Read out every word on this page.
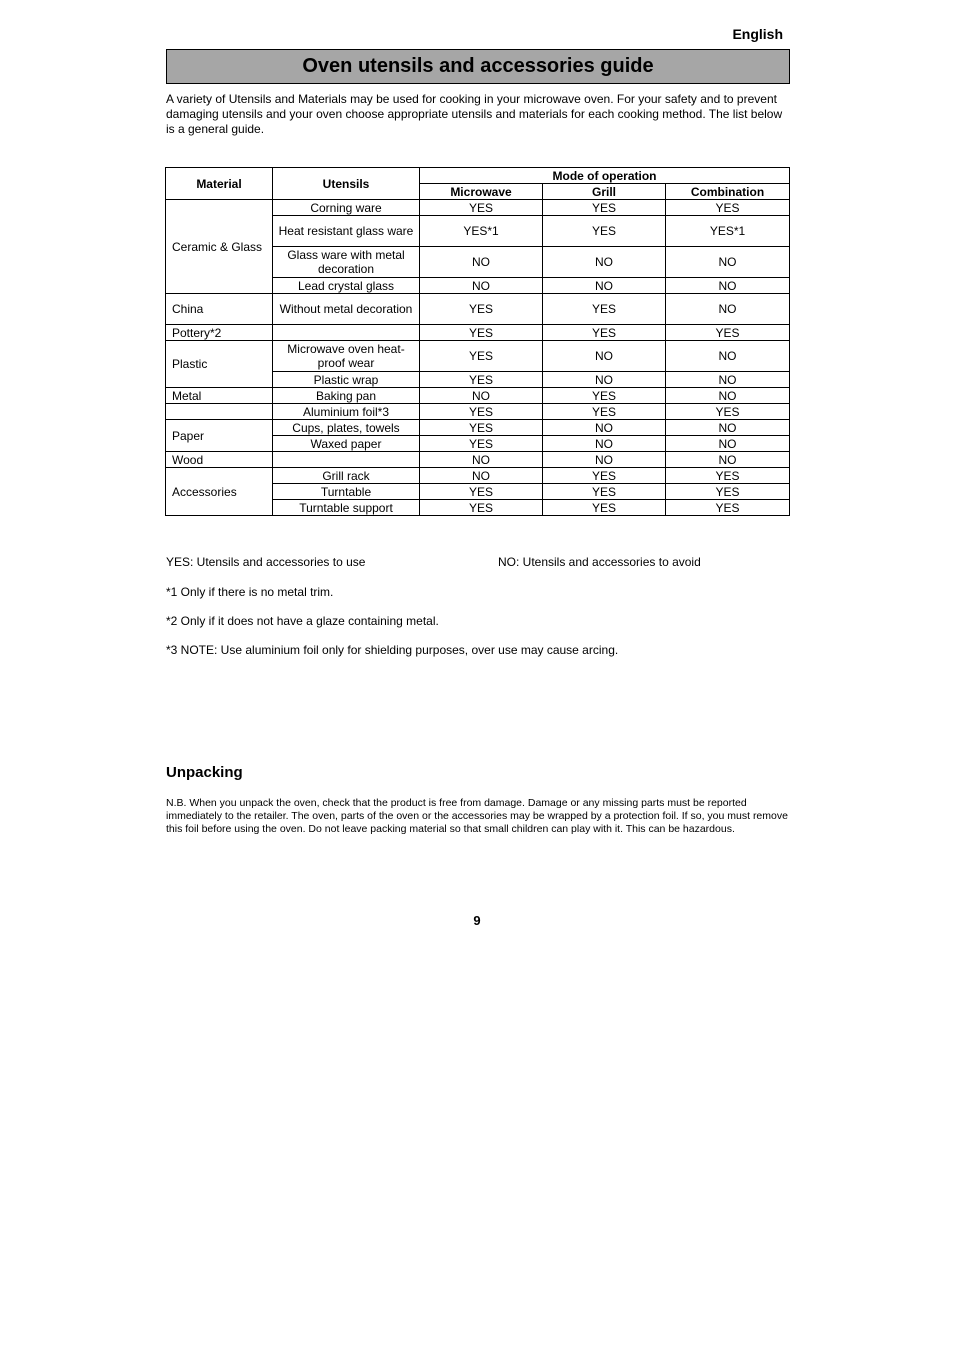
English
Oven utensils and accessories guide

A variety of Utensils and Materials may be used for cooking in your microwave oven. For your safety and to prevent damaging utensils and your oven choose appropriate utensils and materials for each cooking method. The list below is a general guide.

Material	Utensils	Mode of operation		
		Microwave	Grill	Combination
Ceramic & Glass	Corning ware	YES	YES	YES
	Heat resistant glass ware	YES*1	YES	YES*1
	Glass ware with metal decoration	NO	NO	NO
	Lead crystal glass	NO	NO	NO
China	Without metal decoration	YES	YES	NO
Pottery*2		YES	YES	YES
Plastic	Microwave oven heat-proof wear	YES	NO	NO
	Plastic wrap	YES	NO	NO
Metal	Baking pan	NO	YES	NO
	Aluminium foil*3	YES	YES	YES
Paper	Cups, plates, towels	YES	NO	NO
	Waxed paper	YES	NO	NO
Wood		NO	NO	NO
Accessories	Grill rack	NO	YES	YES
	Turntable	YES	YES	YES
	Turntable support	YES	YES	YES
YES: Utensils and accessories to use	NO: Utensils and accessories to avoid
*1 Only if there is no metal trim.
*2 Only if it does not have a glaze containing metal.
*3 NOTE: Use aluminium foil only for shielding purposes, over use may cause arcing.
Unpacking

N.B. When you unpack the oven, check that the product is free from damage. Damage or any missing parts must be reported immediately to the retailer. The oven, parts of the oven or the accessories may be wrapped by a protection foil. If so, you must remove this foil before using the oven. Do not leave packing material so that small children can play with it. This can be hazardous.

9
